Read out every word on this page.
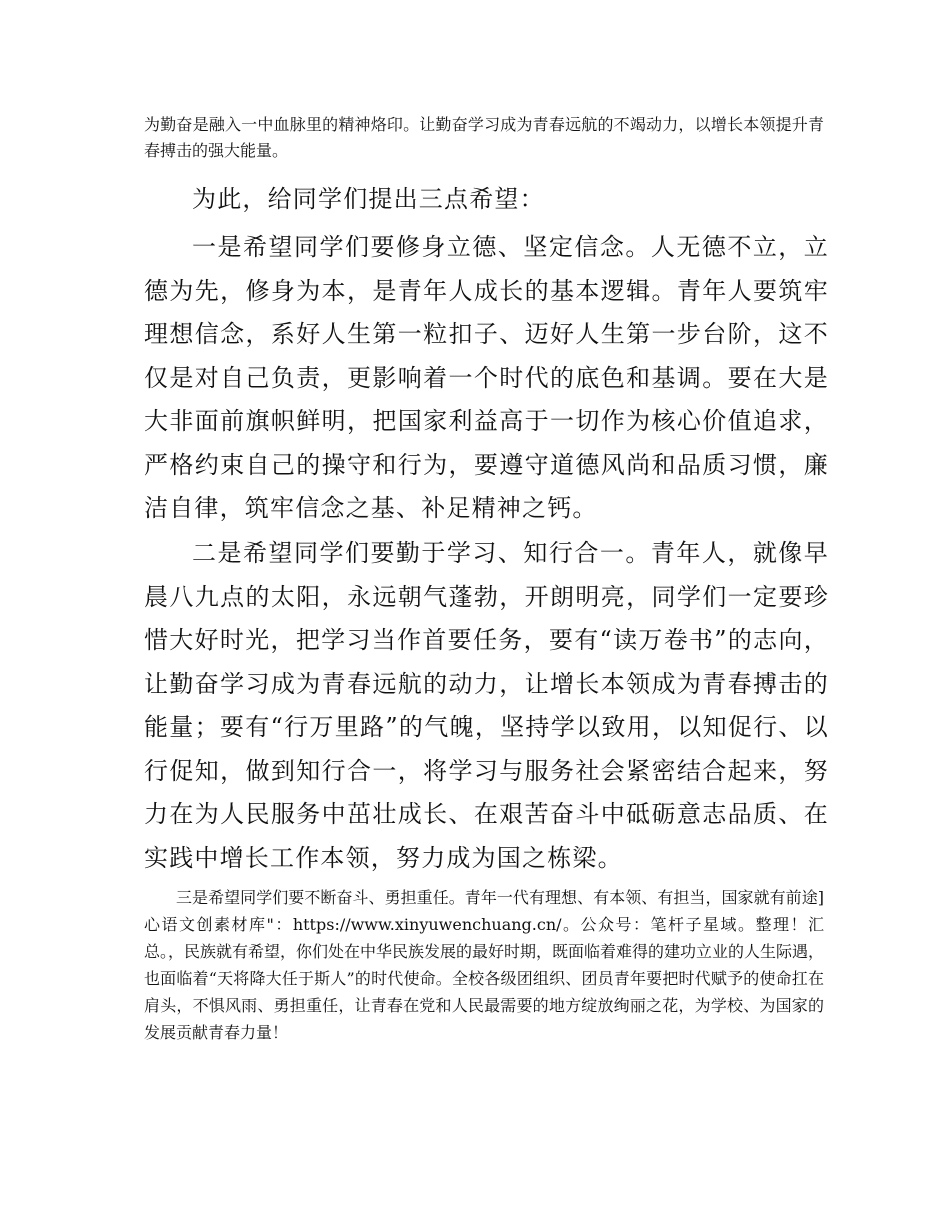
为勤奋是融入一中血脉里的精神烙印。让勤奋学习成为青春远航的不竭动力，以增长本领提升青春搏击的强大能量。

为此，给同学们提出三点希望：

一是希望同学们要修身立德、坚定信念。人无德不立，立德为先，修身为本，是青年人成长的基本逻辑。青年人要筑牢理想信念，系好人生第一粒扣子、迈好人生第一步台阶，这不仅是对自己负责，更影响着一个时代的底色和基调。要在大是大非面前旗帜鲜明，把国家利益高于一切作为核心价值追求，严格约束自己的操守和行为，要遵守道德风尚和品质习惯，廉洁自律，筑牢信念之基、补足精神之钙。

二是希望同学们要勤于学习、知行合一。青年人，就像早晨八九点的太阳，永远朝气蓬勃，开朗明亮，同学们一定要珍惜大好时光，把学习当作首要任务，要有“读万卷书”的志向，让勤奋学习成为青春远航的动力，让增长本领成为青春搏击的能量；要有“行万里路”的气魄，坚持学以致用，以知促行、以行促知，做到知行合一，将学习与服务社会紧密结合起来，努力在为人民服务中茁壮成长、在艰苦奋斗中砥砺意志品质、在实践中增长工作本领，努力成为国之栋梁。

三是希望同学们要不断奋斗、勇担重任。青年一代有理想、有本领、有担当，国家就有前途]心语文创素材库"：https://www.xinyuwenchuang.cn/。公众号：笔杆子星域。整理！汇总。，民族就有希望，你们处在中华民族发展的最好时期，既面临着难得的建功立业的人生际遇，也面临着“天将降大任于斯人”的时代使命。全校各级团组织、团员青年要把时代赋予的使命扛在肩头，不惧风雨、勇担重任，让青春在党和人民最需要的地方绽放绚丽之花，为学校、为国家的发展贡献青春力量！
